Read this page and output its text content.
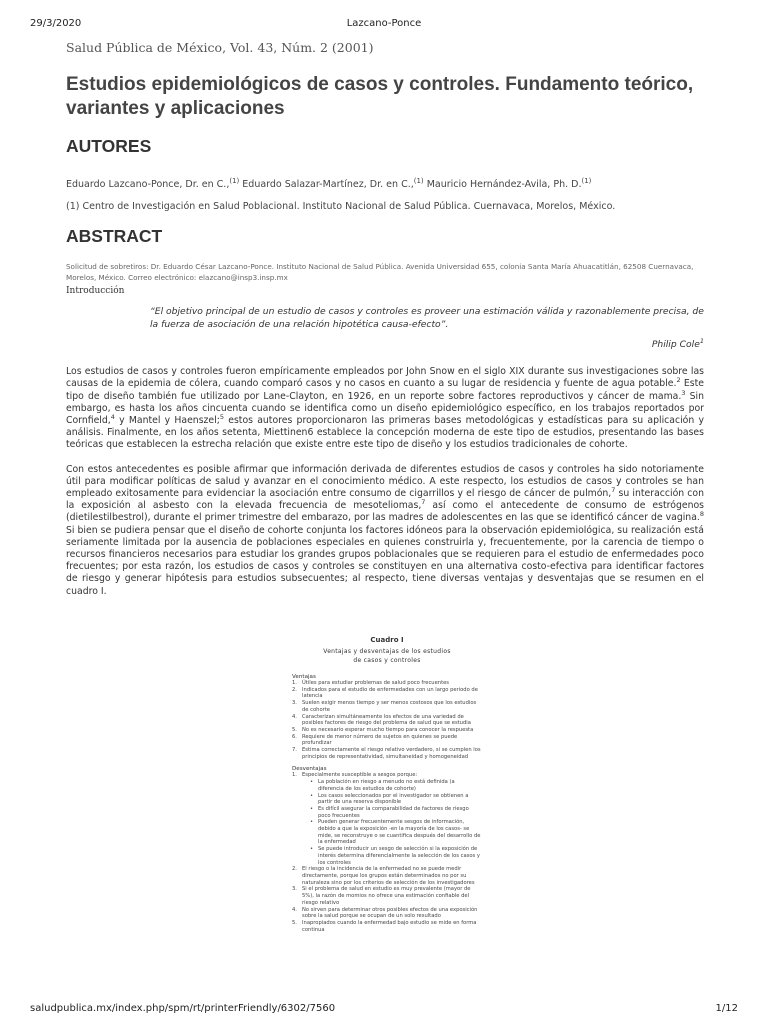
29/3/2020	Lazcano-Ponce

Salud Pública de México, Vol. 43, Núm. 2 (2001)

Estudios epidemiológicos de casos y controles. Fundamento teórico, variantes y aplicaciones
AUTORES

Eduardo Lazcano-Ponce, Dr. en C.,$^{(1)}$ Eduardo Salazar-Martínez, Dr. en C.,$^{(1)}$ Mauricio Hernández-Avila, Ph. D.$^{(1)}$

(1) Centro de Investigación en Salud Poblacional. Instituto Nacional de Salud Pública. Cuernavaca, Morelos, México.

ABSTRACT

Solicitud de sobretiros: Dr. Eduardo César Lazcano-Ponce. Instituto Nacional de Salud Pública. Avenida Universidad 655, colonia Santa María Ahuacatitlán, 62508 Cuernavaca, Morelos, México. Correo electrónico: elazcano@insp3.insp.mx

Introducción

“El objetivo principal de un estudio de casos y controles es proveer una estimación válida y razonablemente precisa, de la fuerza de asociación de una relación hipotética causa-efecto”.

Philip Cole$^1$

Los estudios de casos y controles fueron empíricamente empleados por John Snow en el siglo XIX durante sus investigaciones sobre las causas de la epidemia de cólera, cuando comparó casos y no casos en cuanto a su lugar de residencia y fuente de agua potable.$^2$ Este tipo de diseño también fue utilizado por Lane-Clayton, en 1926, en un reporte sobre factores reproductivos y cáncer de mama.$^3$ Sin embargo, es hasta los años cincuenta cuando se identifica como un diseño epidemiológico específico, en los trabajos reportados por Cornfield,$^4$ y Mantel y Haenszel;$^5$ estos autores proporcionaron las primeras bases metodológicas y estadísticas para su aplicación y análisis. Finalmente, en los años setenta, Miettinen6 establece la concepción moderna de este tipo de estudios, presentando las bases teóricas que establecen la estrecha relación que existe entre este tipo de diseño y los estudios tradicionales de cohorte.

Con estos antecedentes es posible afirmar que información derivada de diferentes estudios de casos y controles ha sido notoriamente útil para modificar políticas de salud y avanzar en el conocimiento médico. A este respecto, los estudios de casos y controles se han empleado exitosamente para evidenciar la asociación entre consumo de cigarrillos y el riesgo de cáncer de pulmón,$^7$ su interacción con la exposición al asbesto con la elevada frecuencia de mesoteliomas,$^7$ así como el antecedente de consumo de estrógenos (dietilestilbestrol), durante el primer trimestre del embarazo, por las madres de adolescentes en las que se identificó cáncer de vagina.$^8$ Si bien se pudiera pensar que el diseño de cohorte conjunta los factores idóneos para la observación epidemiológica, su realización está seriamente limitada por la ausencia de poblaciones especiales en quienes construirla y, frecuentemente, por la carencia de tiempo o recursos financieros necesarios para estudiar los grandes grupos poblacionales que se requieren para el estudio de enfermedades poco frecuentes; por esta razón, los estudios de casos y controles se constituyen en una alternativa costo-efectiva para identificar factores de riesgo y generar hipótesis para estudios subsecuentes; al respecto, tiene diversas ventajas y desventajas que se resumen en el cuadro I.

Cuadro I
Ventajas y desventajas de los estudios
de casos y controles
Ventajas
1. Útiles para estudiar problemas de salud poco frecuentes
2. Indicados para el estudio de enfermedades con un largo periodo de latencia
3. Suelen exigir menos tiempo y ser menos costosos que los estudios de cohorte
4. Caracterizan simultáneamente los efectos de una variedad de posibles factores de riesgo del problema de salud que se estudia
5. No es necesario esperar mucho tiempo para conocer la respuesta
6. Requiere de menor número de sujetos en quienes se puede profundizar
7. Estima correctamente el riesgo relativo verdadero, si se cumplen los principios de representatividad, simultaneidad y homogeneidad
Desventajas
1. Especialmente susceptible a sesgos porque:
• La población en riesgo a menudo no está definida (a diferencia de los estudios de cohorte)
• Los casos seleccionados por el investigador se obtienen a partir de una reserva disponible
• Es difícil asegurar la comparabilidad de factores de riesgo poco frecuentes
• Pueden generar frecuentemente sesgos de información, debido a que la exposición -en la mayoría de los casos- se mide, se reconstruye o se cuantifica después del desarrollo de la enfermedad
• Se puede introducir un sesgo de selección si la exposición de interés determina diferencialmente la selección de los casos y los controles
2. El riesgo o la incidencia de la enfermedad no se puede medir directamente, porque los grupos están determinados no por su naturaleza sino por los criterios de selección de los investigadores
3. Si el problema de salud en estudio es muy prevalente (mayor de 5%), la razón de momios no ofrece una estimación confiable del riesgo relativo
4. No sirven para determinar otros posibles efectos de una exposición sobre la salud porque se ocupan de un solo resultado
5. Inapropiados cuando la enfermedad bajo estudio se mide en forma continua
saludpublica.mx/index.php/spm/rt/printerFriendly/6302/7560	1/12
